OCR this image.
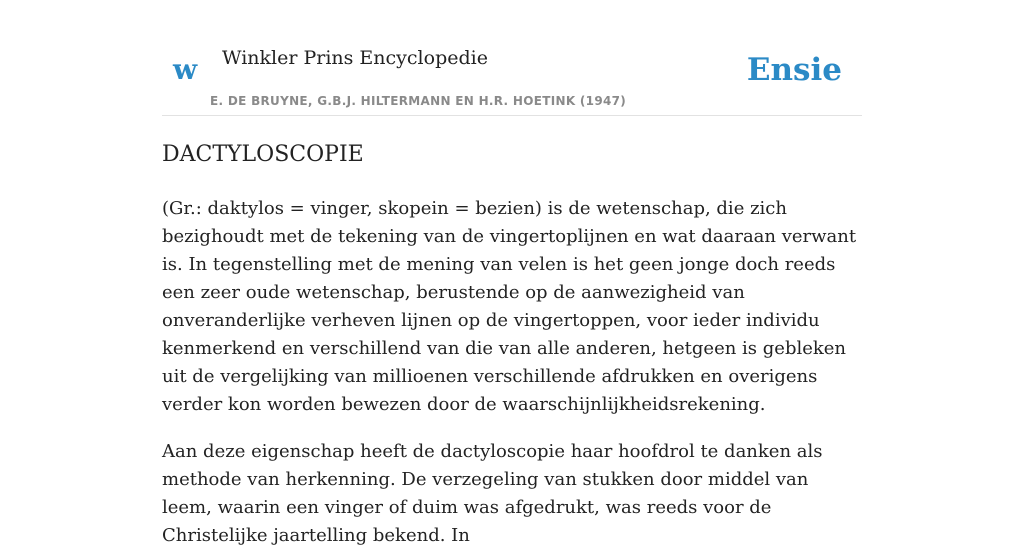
w Winkler Prins Encyclopedie
E. DE BRUYNE, G.B.J. HILTERMANN EN H.R. HOETINK (1947)
Ensie
DACTYLOSCOPIE

(Gr.: daktylos = vinger, skopein = bezien) is de wetenschap, die zich bezighoudt met de tekening van de vingertoplijnen en wat daaraan verwant is. In tegenstelling met de mening van velen is het geen jonge doch reeds een zeer oude wetenschap, berustende op de aanwezigheid van onveranderlijke verheven lijnen op de vingertoppen, voor ieder individu kenmerkend en verschillend van die van alle anderen, hetgeen is gebleken uit de vergelijking van millioenen verschillende afdrukken en overigens verder kon worden bewezen door de waarschijnlijkheidsrekening.

Aan deze eigenschap heeft de dactyloscopie haar hoofdrol te danken als methode van herkenning. De verzegeling van stukken door middel van leem, waarin een vinger of duim was afgedrukt, was reeds voor de Christelijke jaartelling bekend. In
